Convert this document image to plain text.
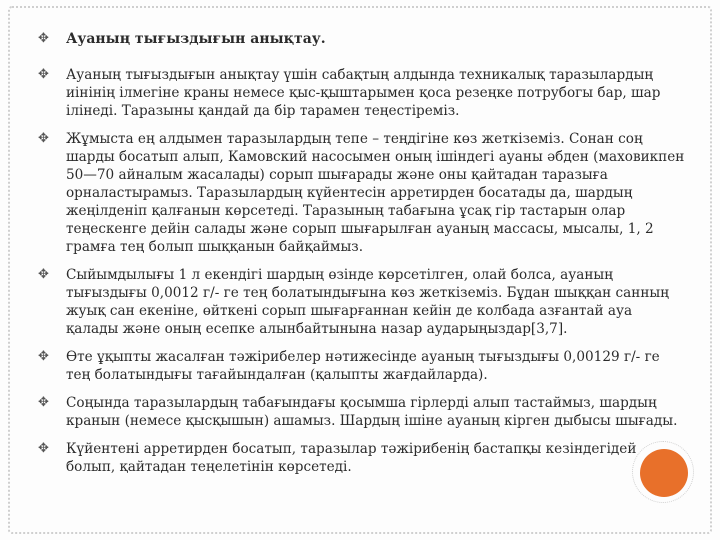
✥ Ауаның тығыздығын анықтау.
✥ Ауаның тығыздығын анықтау үшін сабақтың алдында техникалық таразылардың иінінің ілмегіне краны немесе қыс-қыштарымен қоса резеңке потрубогы бар, шар ілінеді. Таразыны қандай да бір тарамен теңестіреміз.
✥ Жұмыста ең алдымен таразылардың тепе – теңдігіне көз жеткіземіз. Сонан соң шарды босатып алып, Камовский насосымен оның ішіндегі ауаны әбден (маховикпен 50—70 айналым жасалады) сорып шығарады және оны қайтадан таразыға орналастырамыз. Таразылардың күйентесін арретирден босатады да, шардың жеңілденіп қалғанын көрсетеді. Таразының табағына ұсақ гір тастарын олар теңескенге дейін салады және сорып шығарылған ауаның массасы, мысалы, 1, 2 грамға тең болып шыққанын байқаймыз.
✥ Сыйымдылығы 1 л екендігі шардың өзінде көрсетілген, олай болса, ауаның тығыздығы 0,0012 г/- ге тең болатындығына көз жеткіземіз. Бұдан шыққан санның жуық сан екеніне, өйткені сорып шығарғаннан кейін де колбада азғантай ауа қалады және оның есепке алынбайтынына назар аударыңыздар[3,7].
✥ Өте ұқыпты жасалған тәжірибелер нәтижесінде ауаның тығыздығы 0,00129 г/- ге тең болатындығы тағайындалған (қалыпты жағдайларда).
✥ Соңында таразылардың табағындағы қосымша гірлерді алып тастаймыз, шардың кранын (немесе қысқышын) ашамыз. Шардың ішіне ауаның кірген дыбысы шығады.
✥ Күйентені арретирден босатып, таразылар тәжірибенің бастапқы кезіндегідей болып, қайтадан теңелетінін көрсетеді.
